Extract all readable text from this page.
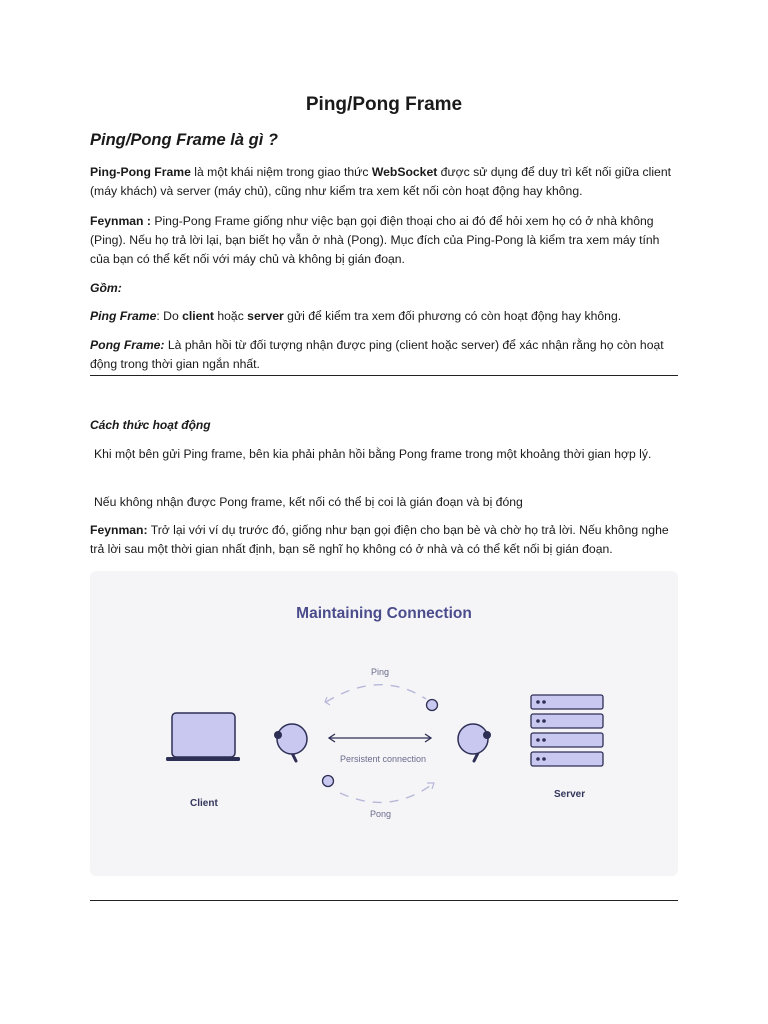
Ping/Pong Frame
Ping/Pong Frame là gì ?

Ping-Pong Frame là một khái niệm trong giao thức WebSocket được sử dụng để duy trì kết nối giữa client (máy khách) và server (máy chủ), cũng như kiểm tra xem kết nối còn hoạt động hay không.

Feynman : Ping-Pong Frame giống như việc bạn gọi điện thoại cho ai đó để hỏi xem họ có ở nhà không (Ping). Nếu họ trả lời lại, bạn biết họ vẫn ở nhà (Pong). Mục đích của Ping-Pong là kiểm tra xem máy tính của bạn có thể kết nối với máy chủ và không bị gián đoạn.

Gồm:

Ping Frame: Do client hoặc server gửi để kiểm tra xem đối phương có còn hoạt động hay không.

Pong Frame: Là phản hồi từ đối tượng nhận được ping (client hoặc server) để xác nhận rằng họ còn hoạt động trong thời gian ngắn nhất.

Cách thức hoạt động

Khi một bên gửi Ping frame, bên kia phải phản hồi bằng Pong frame trong một khoảng thời gian hợp lý.

Nếu không nhận được Pong frame, kết nối có thể bị coi là gián đoạn và bị đóng

Feynman: Trở lại với ví dụ trước đó, giống như bạn gọi điện cho bạn bè và chờ họ trả lời. Nếu không nghe trả lời sau một thời gian nhất định, bạn sẽ nghĩ họ không có ở nhà và có thể kết nối bị gián đoạn.

Maintaining Connection
Ping
Persistent connection
Pong
Client
Server
